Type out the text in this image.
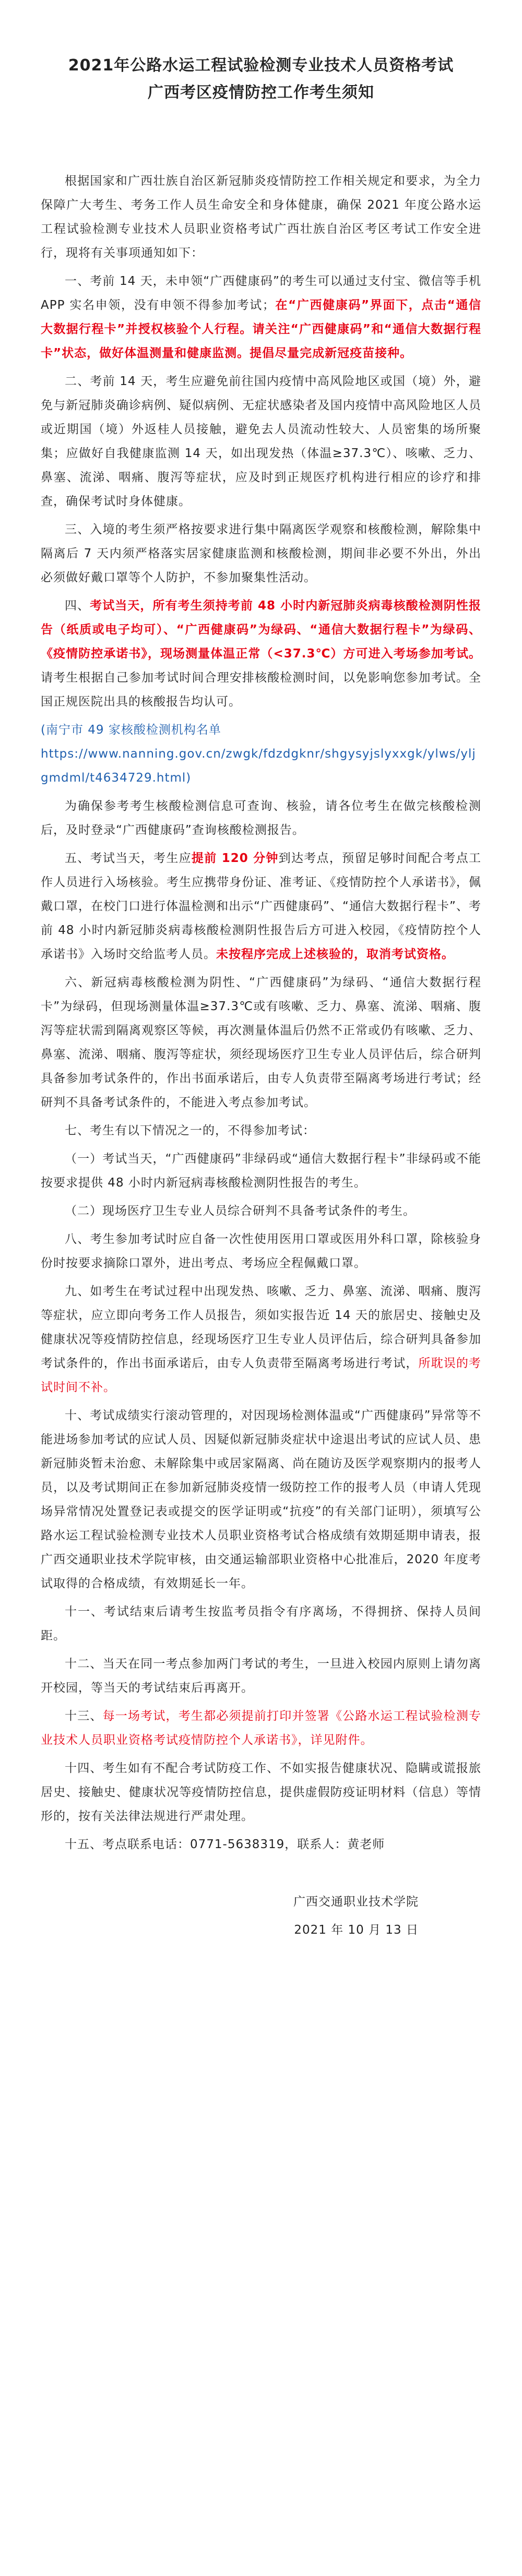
2021年公路水运工程试验检测专业技术人员资格考试

广西考区疫情防控工作考生须知

根据国家和广西壮族自治区新冠肺炎疫情防控工作相关规定和要求，为全力保障广大考生、考务工作人员生命安全和身体健康，确保 2021 年度公路水运工程试验检测专业技术人员职业资格考试广西壮族自治区考区考试工作安全进行，现将有关事项通知如下：

一、考前 14 天，未申领“广西健康码”的考生可以通过支付宝、微信等手机 APP 实名申领，没有申领不得参加考试；在“广西健康码”界面下，点击“通信大数据行程卡”并授权核验个人行程。请关注“广西健康码”和“通信大数据行程卡”状态，做好体温测量和健康监测。提倡尽量完成新冠疫苗接种。

二、考前 14 天，考生应避免前往国内疫情中高风险地区或国（境）外，避免与新冠肺炎确诊病例、疑似病例、无症状感染者及国内疫情中高风险地区人员或近期国（境）外返桂人员接触，避免去人员流动性较大、人员密集的场所聚集；应做好自我健康监测 14 天，如出现发热（体温≥37.3℃）、咳嗽、乏力、鼻塞、流涕、咽痛、腹泻等症状，应及时到正规医疗机构进行相应的诊疗和排查，确保考试时身体健康。

三、入境的考生须严格按要求进行集中隔离医学观察和核酸检测，解除集中隔离后 7 天内须严格落实居家健康监测和核酸检测，期间非必要不外出，外出必须做好戴口罩等个人防护，不参加聚集性活动。

四、考试当天，所有考生须持考前 48 小时内新冠肺炎病毒核酸检测阴性报告（纸质或电子均可）、“广西健康码”为绿码、“通信大数据行程卡”为绿码、《疫情防控承诺书》，现场测量体温正常（<37.3℃）方可进入考场参加考试。请考生根据自己参加考试时间合理安排核酸检测时间，以免影响您参加考试。全国正规医院出具的核酸报告均认可。

(南宁市 49 家核酸检测机构名单
https://www.nanning.gov.cn/zwgk/fdzdgknr/shgysyjslyxxgk/ylws/yljgmdml/t4634729.html)

为确保参考考生核酸检测信息可查询、核验，请各位考生在做完核酸检测后，及时登录“广西健康码”查询核酸检测报告。

五、考试当天，考生应提前 120 分钟到达考点，预留足够时间配合考点工作人员进行入场核验。考生应携带身份证、准考证、《疫情防控个人承诺书》，佩戴口罩，在校门口进行体温检测和出示“广西健康码”、“通信大数据行程卡”、考前 48 小时内新冠肺炎病毒核酸检测阴性报告后方可进入校园，《疫情防控个人承诺书》入场时交给监考人员。未按程序完成上述核验的，取消考试资格。

六、新冠病毒核酸检测为阴性、“广西健康码”为绿码、“通信大数据行程卡”为绿码，但现场测量体温≥37.3℃或有咳嗽、乏力、鼻塞、流涕、咽痛、腹泻等症状需到隔离观察区等候，再次测量体温后仍然不正常或仍有咳嗽、乏力、鼻塞、流涕、咽痛、腹泻等症状，须经现场医疗卫生专业人员评估后，综合研判具备参加考试条件的，作出书面承诺后，由专人负责带至隔离考场进行考试；经研判不具备考试条件的，不能进入考点参加考试。

七、考生有以下情况之一的，不得参加考试：

（一）考试当天，“广西健康码”非绿码或“通信大数据行程卡”非绿码或不能按要求提供 48 小时内新冠病毒核酸检测阴性报告的考生。

（二）现场医疗卫生专业人员综合研判不具备考试条件的考生。

八、考生参加考试时应自备一次性使用医用口罩或医用外科口罩，除核验身份时按要求摘除口罩外，进出考点、考场应全程佩戴口罩。

九、如考生在考试过程中出现发热、咳嗽、乏力、鼻塞、流涕、咽痛、腹泻等症状，应立即向考务工作人员报告，须如实报告近 14 天的旅居史、接触史及健康状况等疫情防控信息，经现场医疗卫生专业人员评估后，综合研判具备参加考试条件的，作出书面承诺后，由专人负责带至隔离考场进行考试，所耽误的考试时间不补。

十、考试成绩实行滚动管理的，对因现场检测体温或“广西健康码”异常等不能进场参加考试的应试人员、因疑似新冠肺炎症状中途退出考试的应试人员、患新冠肺炎暂未治愈、未解除集中或居家隔离、尚在随访及医学观察期内的报考人员，以及考试期间正在参加新冠肺炎疫情一级防控工作的报考人员（申请人凭现场异常情况处置登记表或提交的医学证明或“抗疫”的有关部门证明），须填写公路水运工程试验检测专业技术人员职业资格考试合格成绩有效期延期申请表，报广西交通职业技术学院审核，由交通运输部职业资格中心批准后，2020 年度考试取得的合格成绩，有效期延长一年。

十一、考试结束后请考生按监考员指令有序离场，不得拥挤、保持人员间距。

十二、当天在同一考点参加两门考试的考生，一旦进入校园内原则上请勿离开校园，等当天的考试结束后再离开。

十三、每一场考试，考生都必须提前打印并签署《公路水运工程试验检测专业技术人员职业资格考试疫情防控个人承诺书》，详见附件。

十四、考生如有不配合考试防疫工作、不如实报告健康状况、隐瞒或谎报旅居史、接触史、健康状况等疫情防控信息，提供虚假防疫证明材料（信息）等情形的，按有关法律法规进行严肃处理。

十五、考点联系电话：0771-5638319，联系人：黄老师

广西交通职业技术学院
2021 年 10 月 13 日
